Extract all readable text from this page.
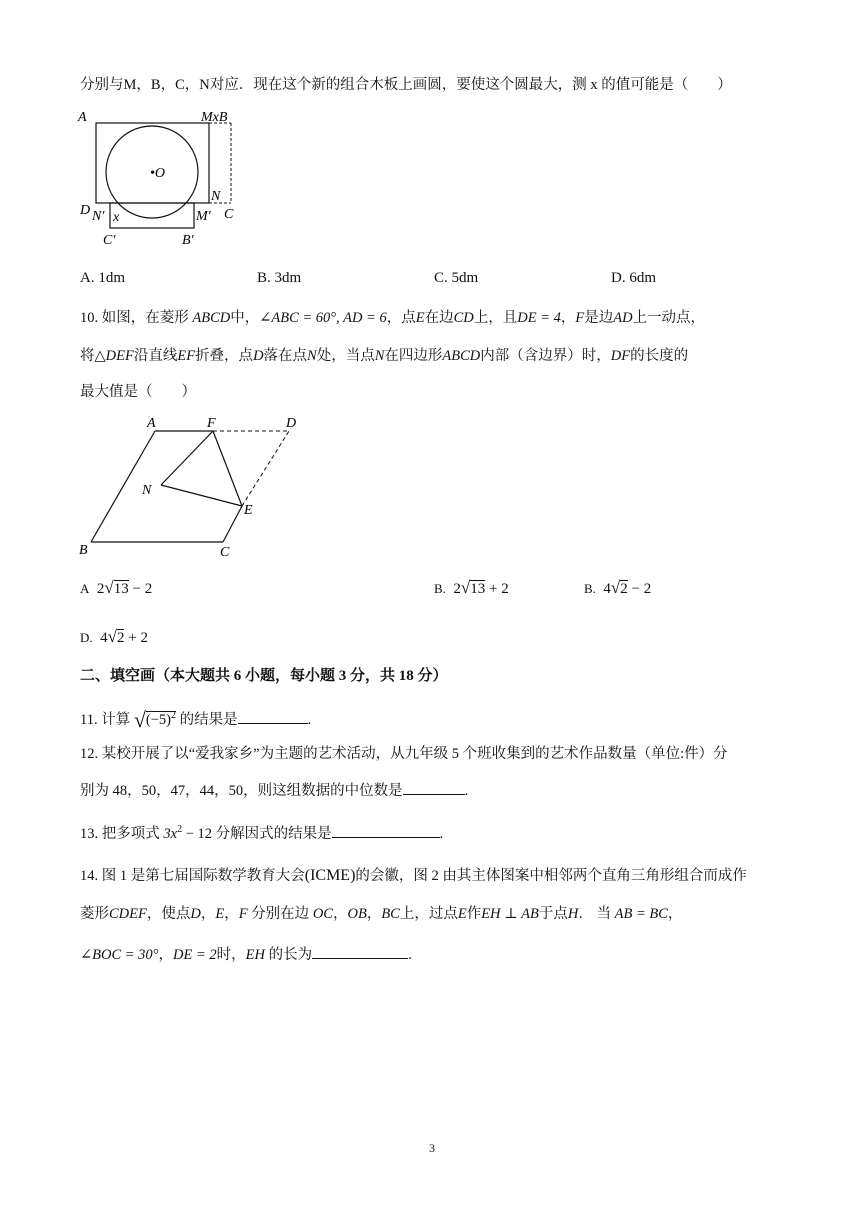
分别与M，B，C，N对应．现在这个新的组合木板上画圆，要使这个圆最大，测 x 的值可能是（　　）
A	MxB
•O
N
D N′ x	M′ C
C′	B′
A. 1dm	B. 3dm	C. 5dm	D. 6dm
10. 如图，在菱形 ABCD中，∠ABC = 60°, AD = 6，点E在边CD上，且DE = 4，F是边AD上一动点，
将△DEF沿直线EF折叠，点D落在点N处，当点N在四边形ABCD内部（含边界）时，DF的长度的
最大值是（　　）
A	F	D
N
E
B	C
A 2√13 − 2	B. 2√13 + 2	B. 4√2 − 2
D. 4√2 + 2
二、填空画（本大题共 6 小题，每小题 3 分，共 18 分）
11. 计算 $√(-5)^2$ 的结果是	.
12. 某校开展了以“爱我家乡”为主题的艺术活动，从九年级 5 个班收集到的艺术作品数量（单位:件）分
别为 48，50，47，44，50，则这组数据的中位数是	.
13. 把多项式 $3x^2 - 12$ 分解因式的结果是	.
14. 图 1 是第七届国际数学教育大会(ICME)的会徽，图 2 由其主体图案中相邻两个直角三角形组合而成作
菱形CDEF，使点D，E，F 分别在边 OC，OB，BC上，过点E作EH ⊥ AB于点H． 当 AB = BC，
∠BOC = 30°，DE = 2时，EH 的长为	.
3
